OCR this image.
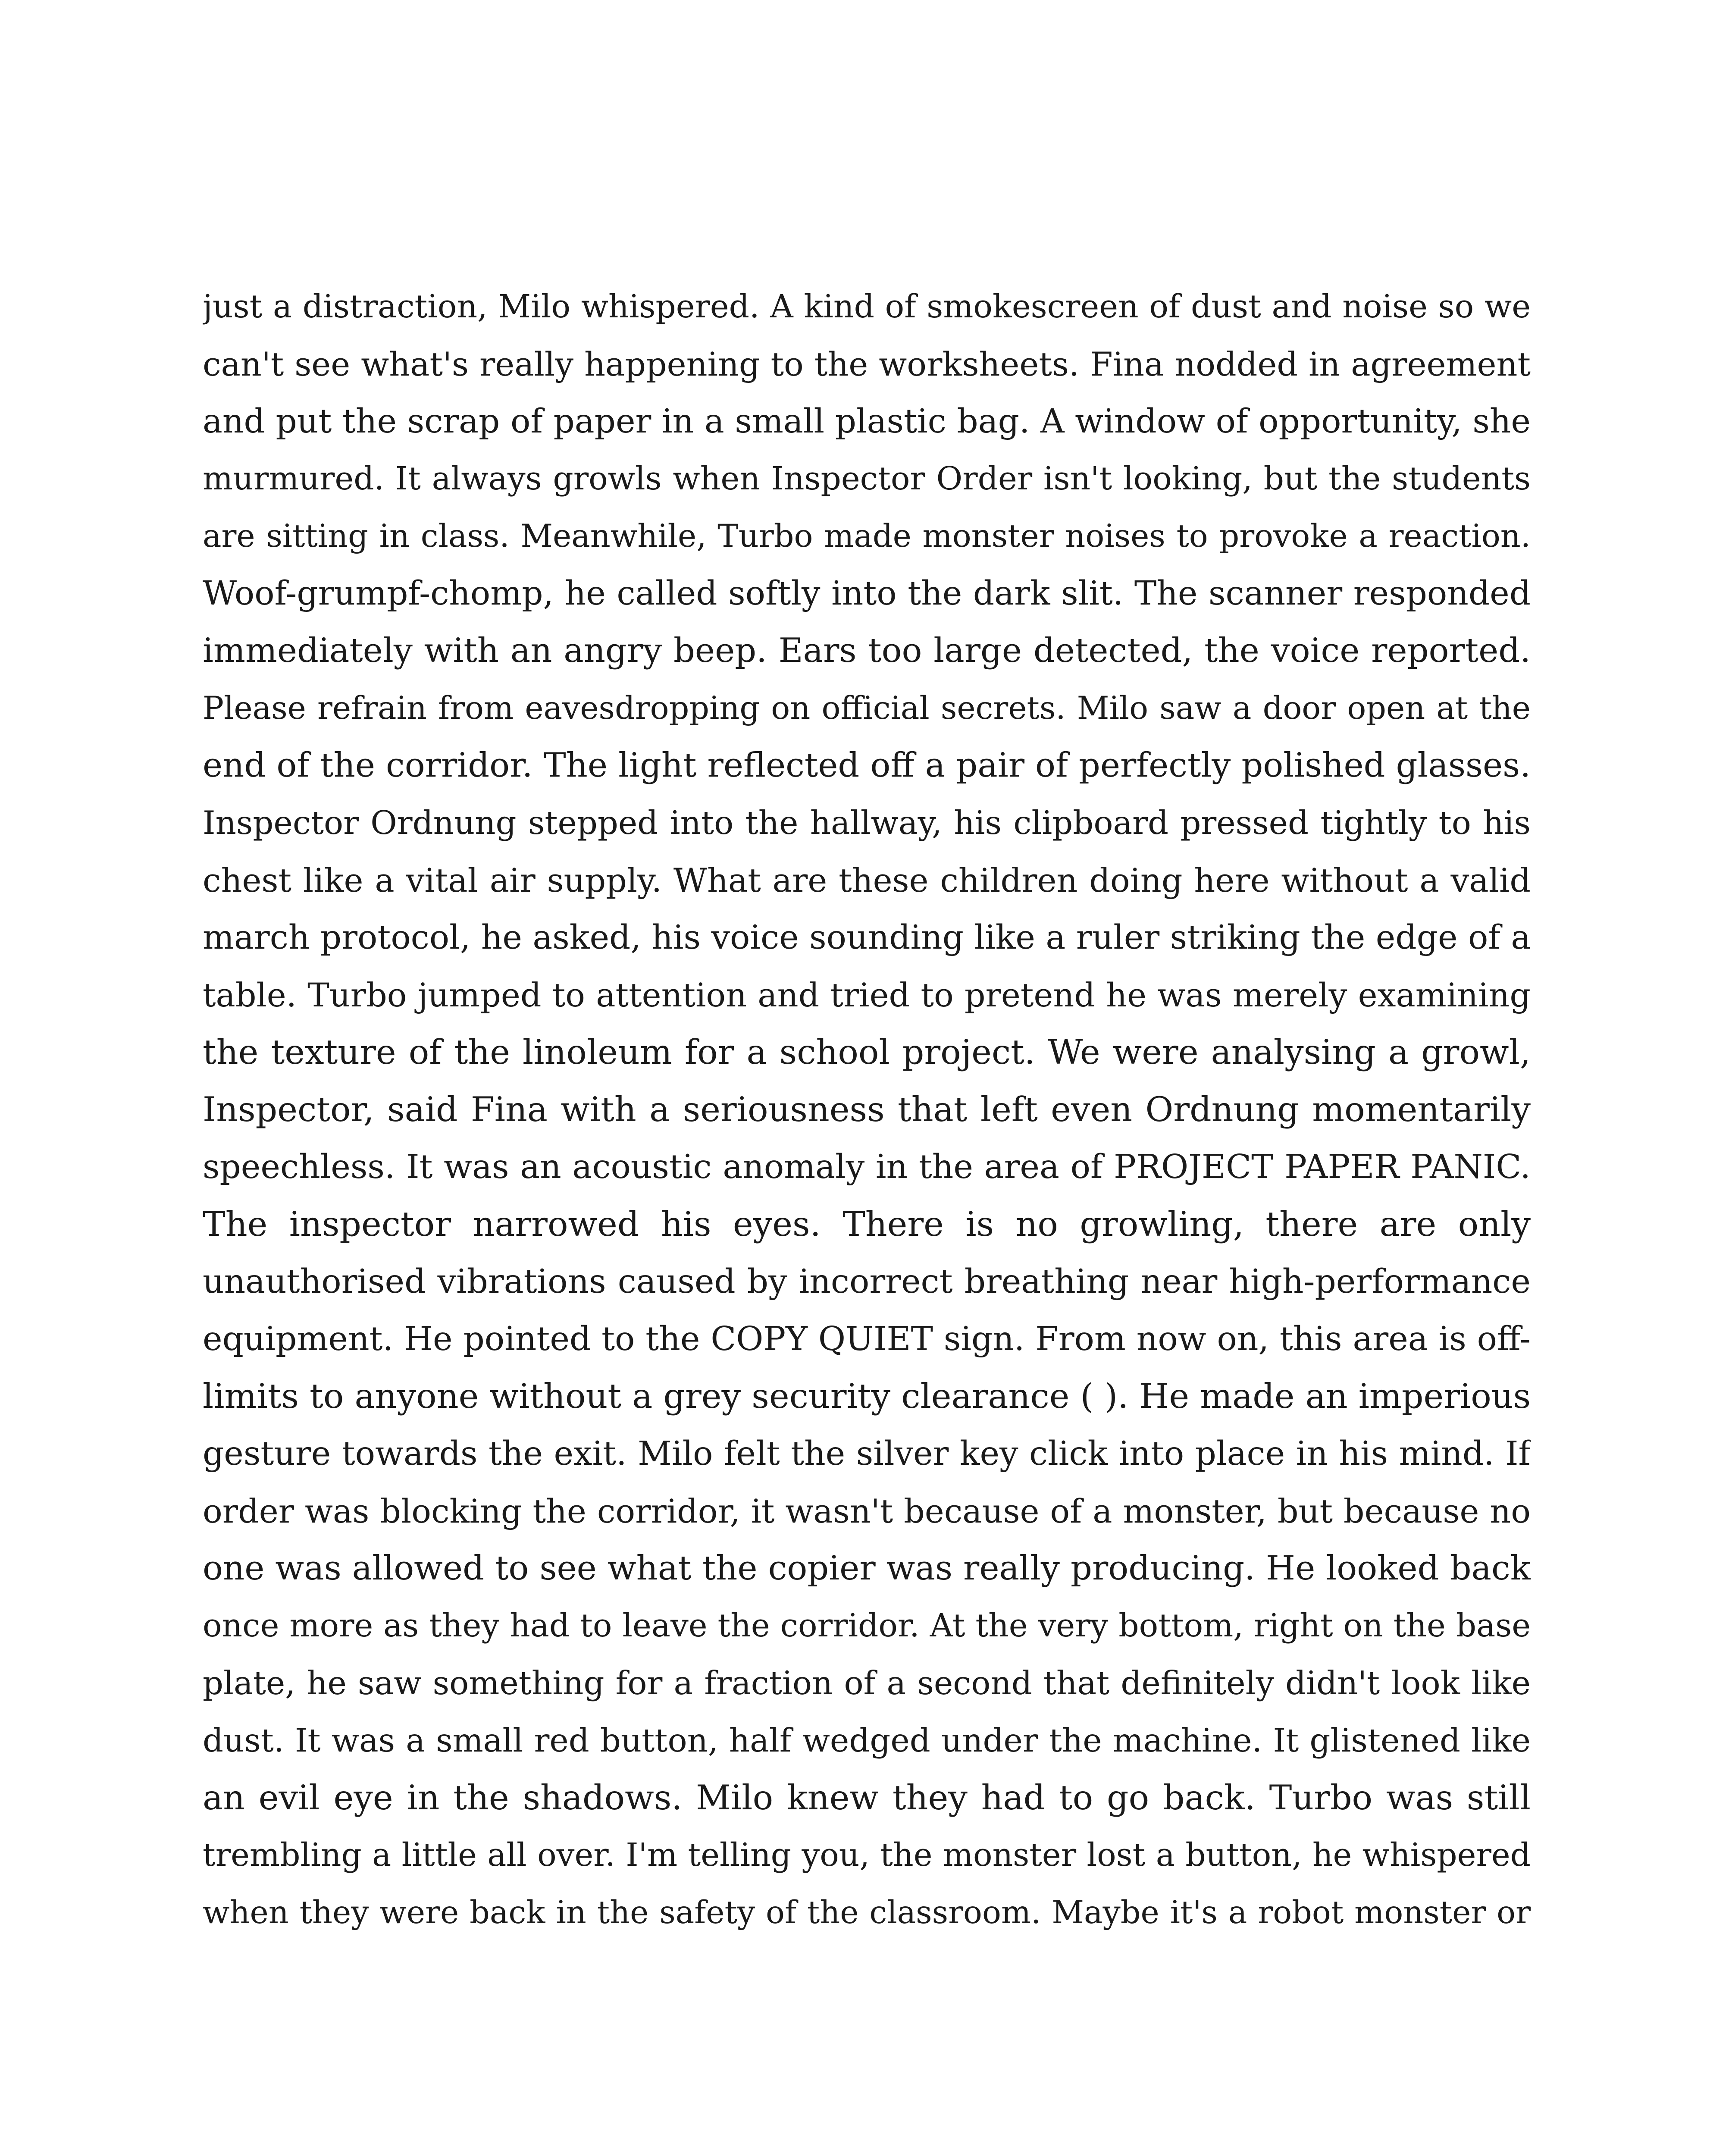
just a distraction, Milo whispered. A kind of smokescreen of dust and noise so we
can't see what's really happening to the worksheets. Fina nodded in agreement
and put the scrap of paper in a small plastic bag. A window of opportunity, she
murmured. It always growls when Inspector Order isn't looking, but the students
are sitting in class. Meanwhile, Turbo made monster noises to provoke a reaction.
Woof-grumpf-chomp, he called softly into the dark slit. The scanner responded
immediately with an angry beep. Ears too large detected, the voice reported.
Please refrain from eavesdropping on official secrets. Milo saw a door open at the
end of the corridor. The light reflected off a pair of perfectly polished glasses.
Inspector Ordnung stepped into the hallway, his clipboard pressed tightly to his
chest like a vital air supply. What are these children doing here without a valid
march protocol, he asked, his voice sounding like a ruler striking the edge of a
table. Turbo jumped to attention and tried to pretend he was merely examining
the texture of the linoleum for a school project. We were analysing a growl,
Inspector, said Fina with a seriousness that left even Ordnung momentarily
speechless. It was an acoustic anomaly in the area of PROJECT PAPER PANIC.
The inspector narrowed his eyes. There is no growling, there are only
unauthorised vibrations caused by incorrect breathing near high-performance
equipment. He pointed to the COPY QUIET sign. From now on, this area is off-
limits to anyone without a grey security clearance ( ). He made an imperious
gesture towards the exit. Milo felt the silver key click into place in his mind. If
order was blocking the corridor, it wasn't because of a monster, but because no
one was allowed to see what the copier was really producing. He looked back
once more as they had to leave the corridor. At the very bottom, right on the base
plate, he saw something for a fraction of a second that definitely didn't look like
dust. It was a small red button, half wedged under the machine. It glistened like
an evil eye in the shadows. Milo knew they had to go back. Turbo was still
trembling a little all over. I'm telling you, the monster lost a button, he whispered
when they were back in the safety of the classroom. Maybe it's a robot monster or
